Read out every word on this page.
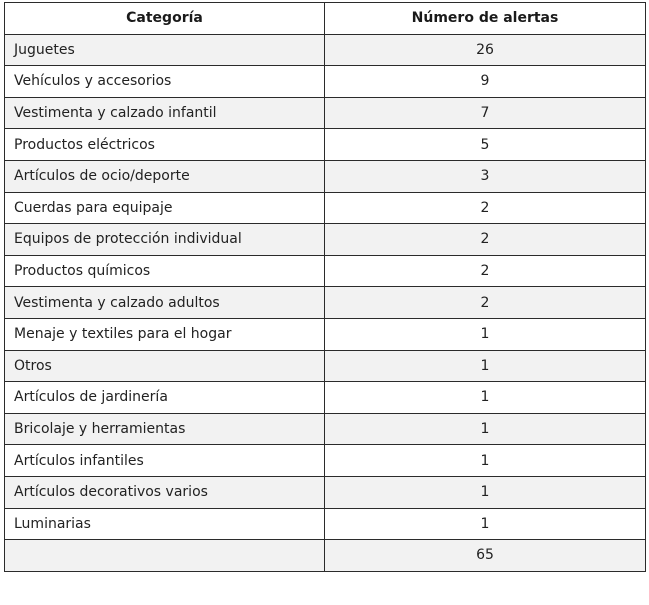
Categoría	Número de alertas
Juguetes	26
Vehículos y accesorios	9
Vestimenta y calzado infantil	7
Productos eléctricos	5
Artículos de ocio/deporte	3
Cuerdas para equipaje	2
Equipos de protección individual	2
Productos químicos	2
Vestimenta y calzado adultos	2
Menaje y textiles para el hogar	1
Otros	1
Artículos de jardinería	1
Bricolaje y herramientas	1
Artículos infantiles	1
Artículos decorativos varios	1
Luminarias	1
	65
